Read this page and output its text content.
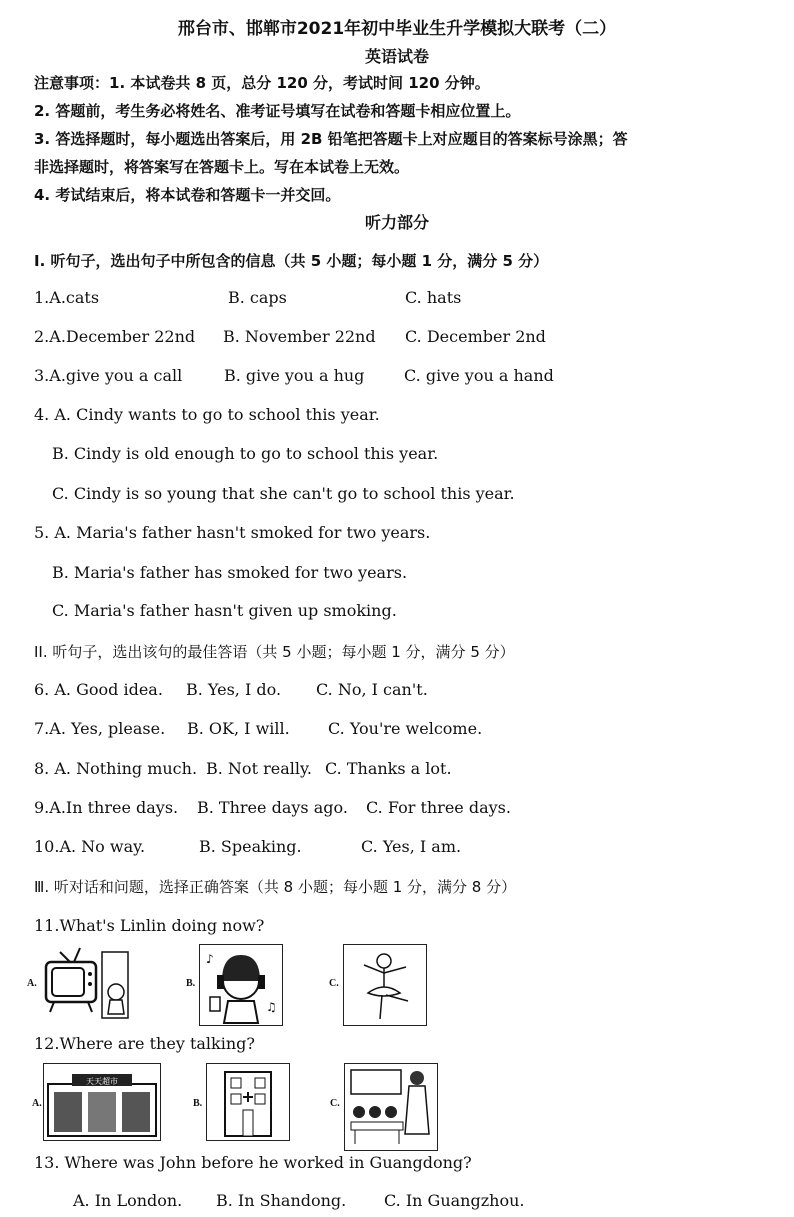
邢台市、邯郸市2021年初中毕业生升学模拟大联考（二）
英语试卷
注意事项：1. 本试卷共 8 页，总分 120 分，考试时间 120 分钟。
2. 答题前，考生务必将姓名、准考证号填写在试卷和答题卡相应位置上。
3. 答选择题时，每小题选出答案后，用 2B 铅笔把答题卡上对应题目的答案标号涂黑；答
非选择题时，将答案写在答题卡上。写在本试卷上无效。
4. 考试结束后，将本试卷和答题卡一并交回。
听力部分
I. 听句子，选出句子中所包含的信息（共 5 小题；每小题 1 分，满分 5 分）
1.A.cats	B. caps	C. hats
2.A.December 22nd B. November 22nd C. December 2nd
3.A.give you a call	B. give you a hug C. give you a hand
4. A. Cindy wants to go to school this year.
B. Cindy is old enough to go to school this year.
C. Cindy is so young that she can't go to school this year.
5. A. Maria's father hasn't smoked for two years.
B. Maria's father has smoked for two years.
C. Maria's father hasn't given up smoking.
II. 听句子，选出该句的最佳答语（共 5 小题；每小题 1 分，满分 5 分）
6. A. Good idea. B. Yes, I do. C. No, I can't.
7.A. Yes, please. B. OK, I will. C. You're welcome.
8. A. Nothing much. B. Not really. C. Thanks a lot.
9.A.In three days. B. Three days ago. C. For three days.
10.A. No way.	B. Speaking.	C. Yes, I am.
Ⅲ. 听对话和问题，选择正确答案（共 8 小题；每小题 1 分，满分 8 分）
11.What's Linlin doing now?
A.	B.
♪
♫
C.
12.Where are they talking?
A.
天天超市
B.	C.
13. Where was John before he worked in Guangdong?
A. In London. B. In Shandong. C. In Guangzhou.
